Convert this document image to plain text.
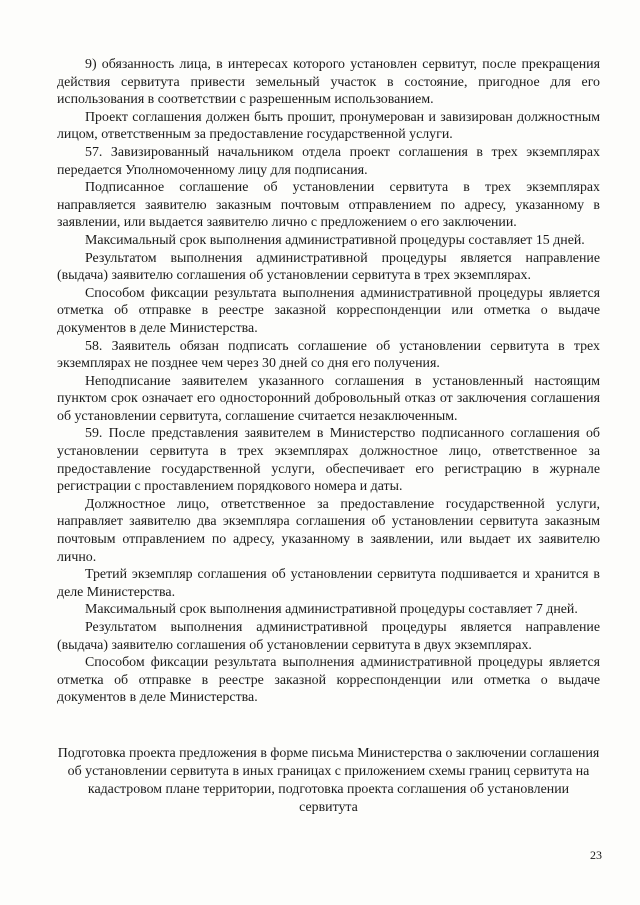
9) обязанность лица, в интересах которого установлен сервитут, после прекращения действия сервитута привести земельный участок в состояние, пригодное для его использования в соответствии с разрешенным использованием.

Проект соглашения должен быть прошит, пронумерован и завизирован должностным лицом, ответственным за предоставление государственной услуги.

57. Завизированный начальником отдела проект соглашения в трех экземплярах передается Уполномоченному лицу для подписания.

Подписанное соглашение об установлении сервитута в трех экземплярах направляется заявителю заказным почтовым отправлением по адресу, указанному в заявлении, или выдается заявителю лично с предложением о его заключении.

Максимальный срок выполнения административной процедуры составляет 15 дней.

Результатом выполнения административной процедуры является направление (выдача) заявителю соглашения об установлении сервитута в трех экземплярах.

Способом фиксации результата выполнения административной процедуры является отметка об отправке в реестре заказной корреспонденции или отметка о выдаче документов в деле Министерства.

58. Заявитель обязан подписать соглашение об установлении сервитута в трех экземплярах не позднее чем через 30 дней со дня его получения.

Неподписание заявителем указанного соглашения в установленный настоящим пунктом срок означает его односторонний добровольный отказ от заключения соглашения об установлении сервитута, соглашение считается незаключенным.

59. После представления заявителем в Министерство подписанного соглашения об установлении сервитута в трех экземплярах должностное лицо, ответственное за предоставление государственной услуги, обеспечивает его регистрацию в журнале регистрации с проставлением порядкового номера и даты.

Должностное лицо, ответственное за предоставление государственной услуги, направляет заявителю два экземпляра соглашения об установлении сервитута заказным почтовым отправлением по адресу, указанному в заявлении, или выдает их заявителю лично.

Третий экземпляр соглашения об установлении сервитута подшивается и хранится в деле Министерства.

Максимальный срок выполнения административной процедуры составляет 7 дней.

Результатом выполнения административной процедуры является направление (выдача) заявителю соглашения об установлении сервитута в двух экземплярах.

Способом фиксации результата выполнения административной процедуры является отметка об отправке в реестре заказной корреспонденции или отметка о выдаче документов в деле Министерства.

Подготовка проекта предложения в форме письма Министерства о заключении соглашения об установлении сервитута в иных границах с приложением схемы границ сервитута на кадастровом плане территории, подготовка проекта соглашения об установлении сервитута
23
